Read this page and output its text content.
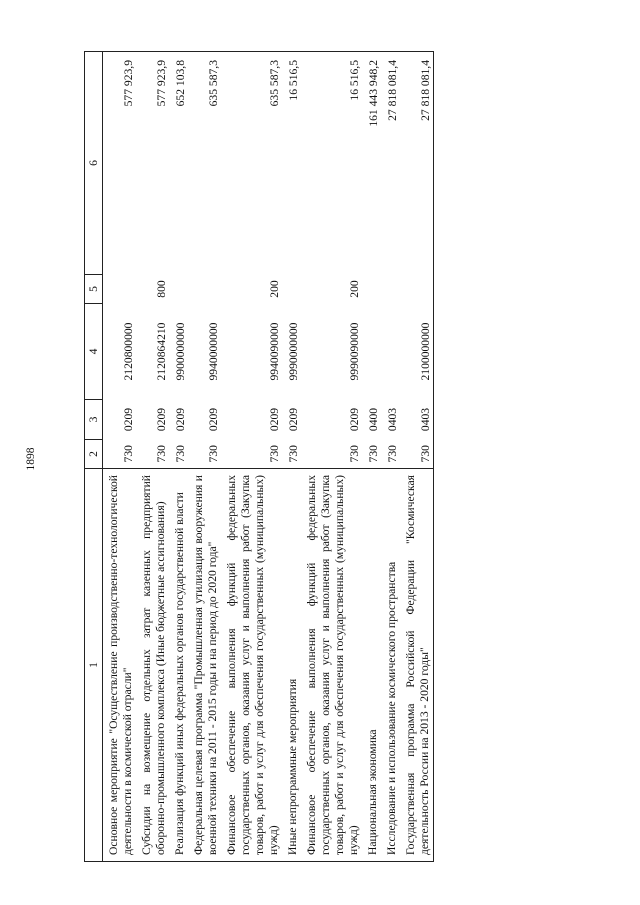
1898
1	2	3	4	5	6
Основное мероприятие "Осуществление производственно-технологической деятельности в космической отрасли"	730	0209	2120800000		577 923,9
Субсидии на возмещение отдельных затрат казенных предприятий оборонно-промышленного комплекса (Иные бюджетные ассигнования)	730	0209	2120864210	800	577 923,9
Реализация функций иных федеральных органов государственной власти	730	0209	9900000000		652 103,8
Федеральная целевая программа "Промышленная утилизация вооружения и военной техники на 2011 - 2015 годы и на период до 2020 года"	730	0209	9940000000		635 587,3
Финансовое обеспечение выполнения функций федеральных государственных органов, оказания услуг и выполнения работ (Закупка товаров, работ и услуг для обеспечения государственных (муниципальных) нужд)	730	0209	9940090000	200	635 587,3
Иные непрограммные мероприятия	730	0209	9990000000		16 516,5
Финансовое обеспечение выполнения функций федеральных государственных органов, оказания услуг и выполнения работ (Закупка товаров, работ и услуг для обеспечения государственных (муниципальных) нужд)	730	0209	9990090000	200	16 516,5
Национальная экономика	730	0400			161 443 948,2
Исследование и использование космического пространства	730	0403			27 818 081,4
Государственная программа Российской Федерации "Космическая деятельность России на 2013 - 2020 годы"	730	0403	2100000000		27 818 081,4
